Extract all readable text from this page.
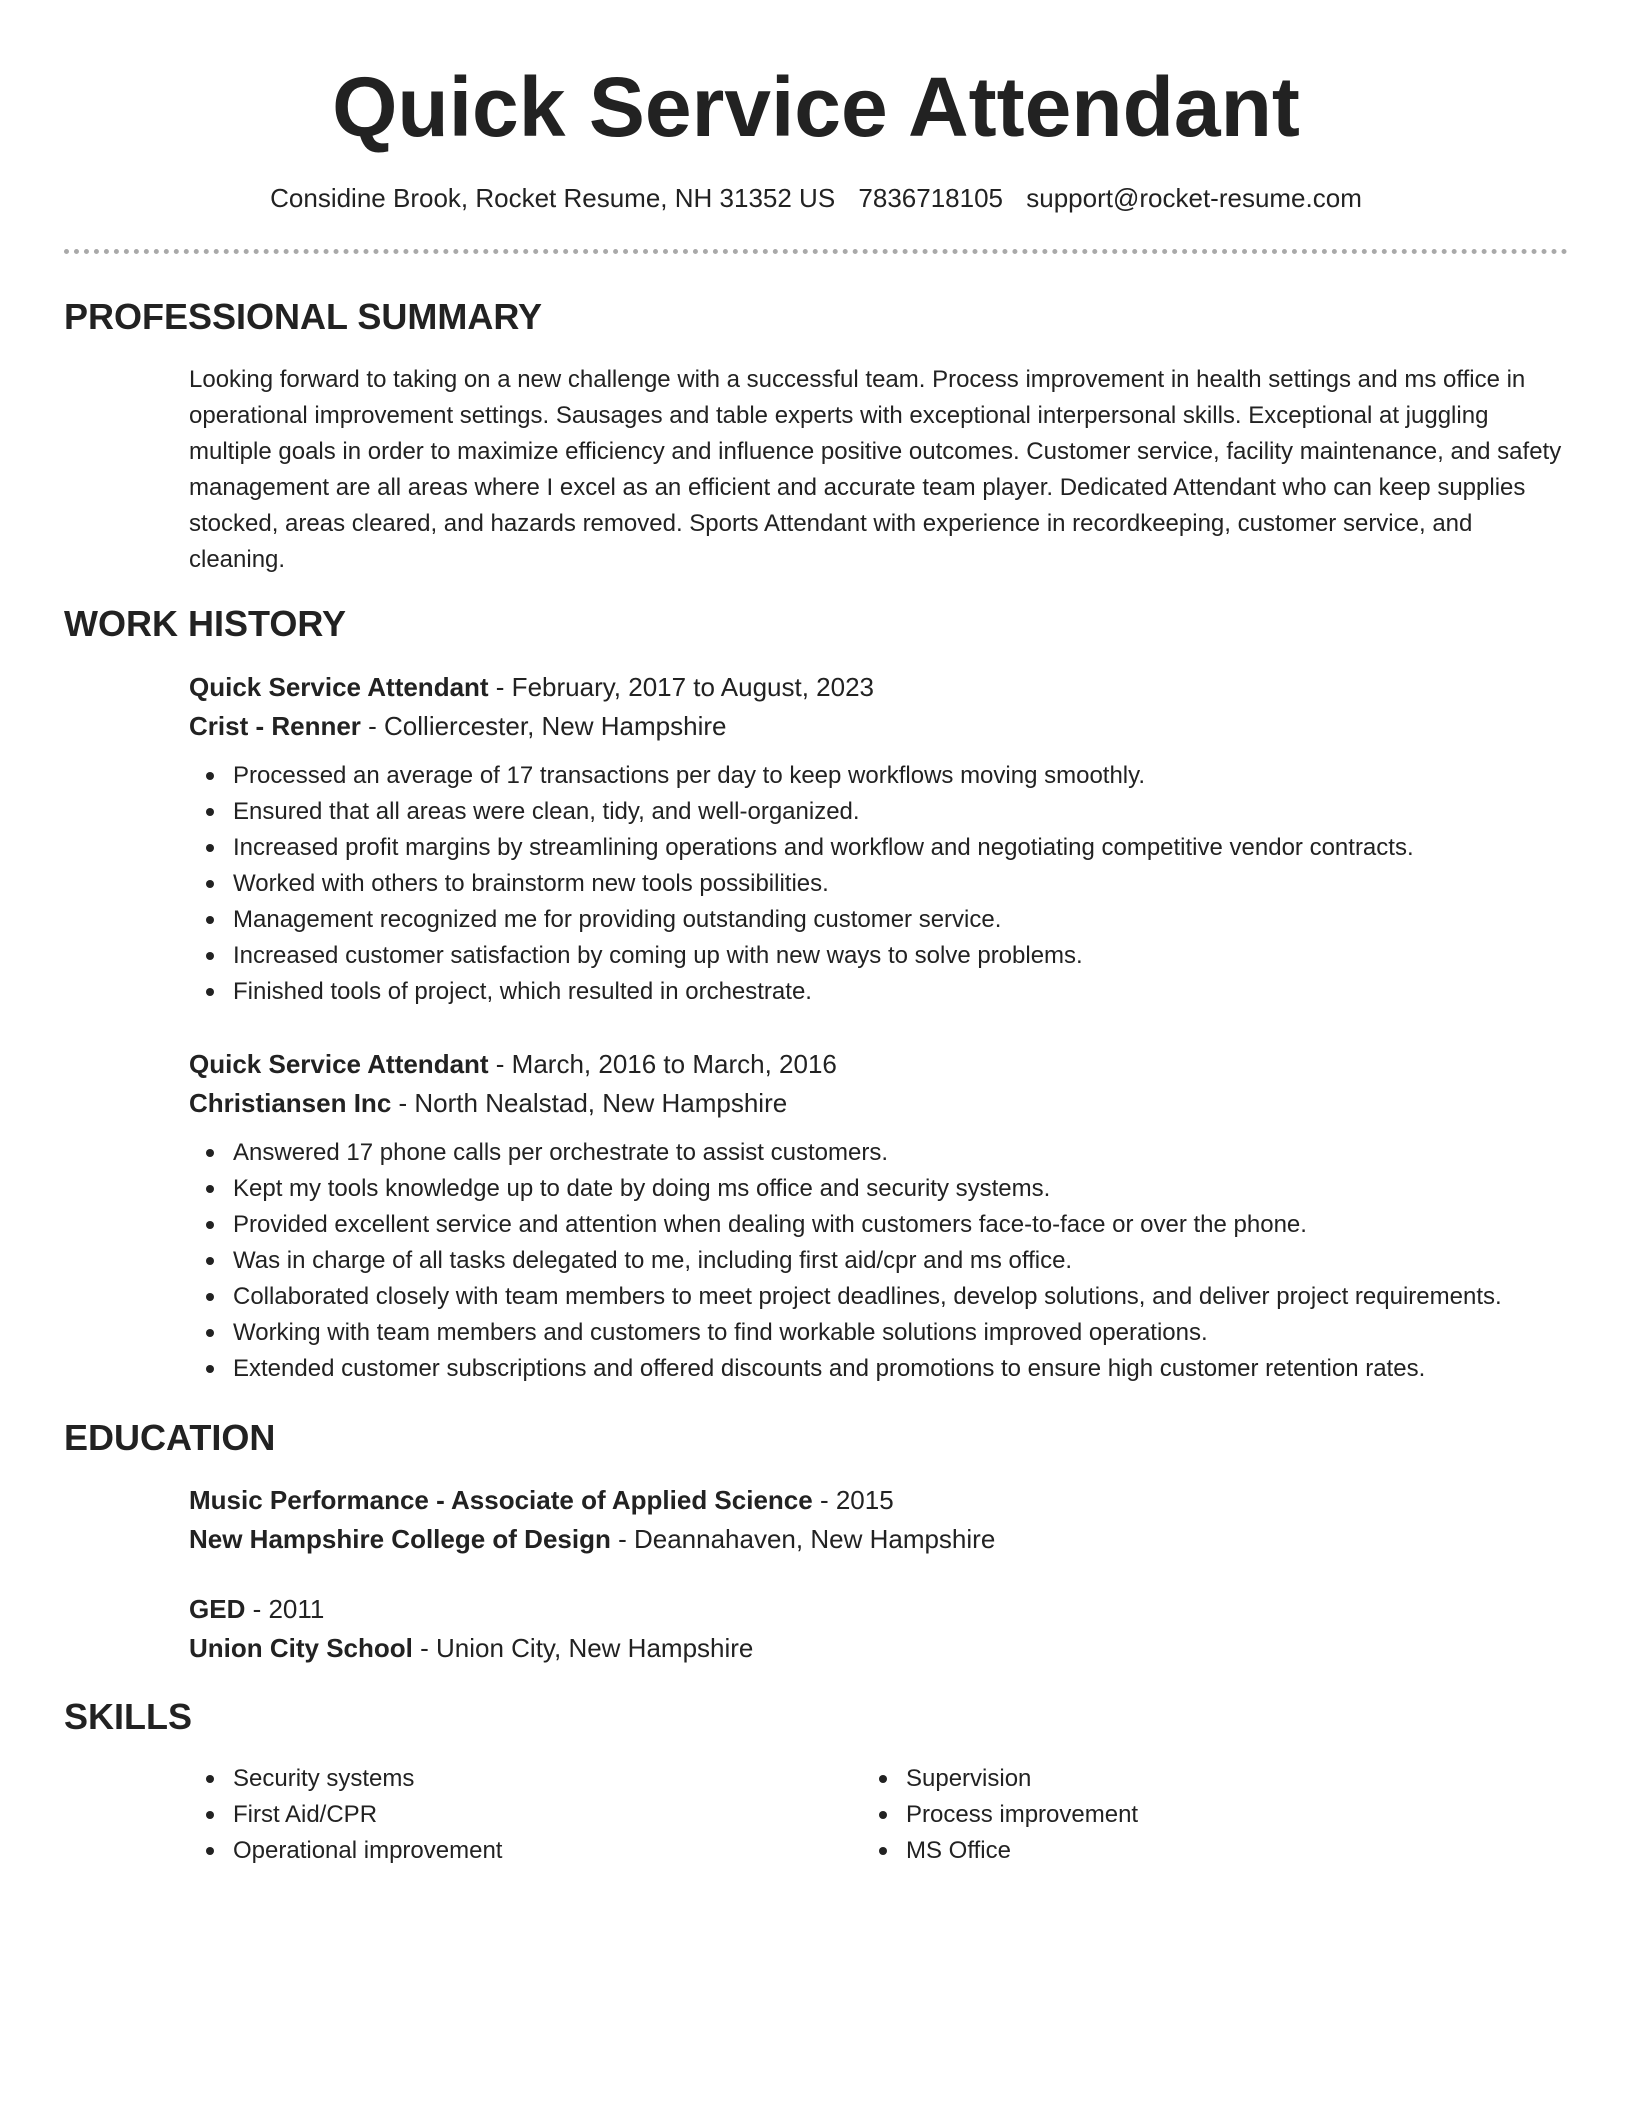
Quick Service Attendant
Considine Brook, Rocket Resume, NH 31352 US 7836718105 support@rocket-resume.com
PROFESSIONAL SUMMARY

Looking forward to taking on a new challenge with a successful team. Process improvement in health settings and ms office in operational improvement settings. Sausages and table experts with exceptional interpersonal skills. Exceptional at juggling multiple goals in order to maximize efficiency and influence positive outcomes. Customer service, facility maintenance, and safety management are all areas where I excel as an efficient and accurate team player. Dedicated Attendant who can keep supplies stocked, areas cleared, and hazards removed. Sports Attendant with experience in recordkeeping, customer service, and cleaning.

WORK HISTORY

Quick Service Attendant - February, 2017 to August, 2023

Crist - Renner - Colliercester, New Hampshire

Processed an average of 17 transactions per day to keep workflows moving smoothly.
Ensured that all areas were clean, tidy, and well-organized.
Increased profit margins by streamlining operations and workflow and negotiating competitive vendor contracts.
Worked with others to brainstorm new tools possibilities.
Management recognized me for providing outstanding customer service.
Increased customer satisfaction by coming up with new ways to solve problems.
Finished tools of project, which resulted in orchestrate.

Quick Service Attendant - March, 2016 to March, 2016

Christiansen Inc - North Nealstad, New Hampshire

Answered 17 phone calls per orchestrate to assist customers.
Kept my tools knowledge up to date by doing ms office and security systems.
Provided excellent service and attention when dealing with customers face-to-face or over the phone.
Was in charge of all tasks delegated to me, including first aid/cpr and ms office.
Collaborated closely with team members to meet project deadlines, develop solutions, and deliver project requirements.
Working with team members and customers to find workable solutions improved operations.
Extended customer subscriptions and offered discounts and promotions to ensure high customer retention rates.
EDUCATION

Music Performance - Associate of Applied Science - 2015

New Hampshire College of Design - Deannahaven, New Hampshire

GED - 2011

Union City School - Union City, New Hampshire

SKILLS
Security systems
First Aid/CPR
Operational improvement
Supervision
Process improvement
MS Office
